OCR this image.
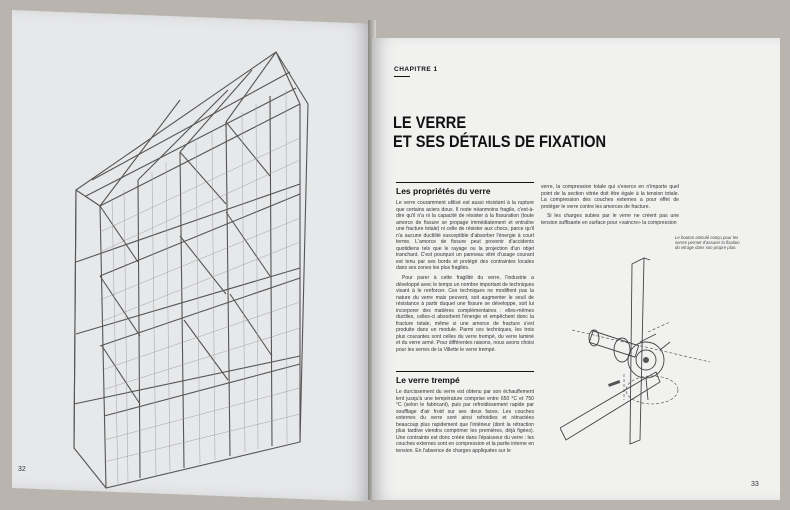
32
CHAPITRE 1
LE VERRE
ET SES DÉTAILS DE FIXATION
Les propriétés du verre

Le verre couramment utilisé est aussi résistant à la rupture que certains aciers doux. Il reste néanmoins fragile, c'est-à-dire qu'il n'a ni la capacité de résister à la fissuration (toute amorce de fissure se propage immédiatement et entraîne une fracture totale) ni celle de résister aux chocs, parce qu'il n'a aucune ductilité susceptible d'absorber l'énergie à court terme. L'amorce de fissure peut provenir d'accidents quotidiens tels que le rayage ou la projection d'un objet tranchant. C'est pourquoi un panneau vitré d'usage courant est tenu par ses bords et protégé des contraintes locales dans ses zones les plus fragiles.

Pour parer à cette fragilité du verre, l'industrie a développé avec le temps un nombre important de techniques visant à le renforcer. Ces techniques ne modifient pas la nature du verre mais peuvent, soit augmenter le seuil de résistance à partir duquel une fissure se développe, soit lui incorporer des matières complémentaires : elles-mêmes ductiles, celles-ci absorbent l'énergie et empêchent donc la fracture totale, même si une amorce de fracture s'est produite dans un module. Parmi ces techniques, les trois plus courantes sont celles du verre trempé, du verre laminé et du verre armé. Pour différentes raisons, nous avons choisi pour les serres de la Villette le verre trempé.

Le verre trempé

Le durcissement du verre est obtenu par son échauffement lent jusqu'à une température comprise entre 650 °C et 750 °C (selon le fabricant), puis par refroidissement rapide par soufflage d'air froid sur ses deux faces. Les couches externes du verre sont ainsi refroidies et rétractées beaucoup plus rapidement que l'intérieur (dont la rétraction plus tardive viendra comprimer les premières, déjà figées). Une contrainte est donc créée dans l'épaisseur du verre : les couches externes sont en compression et la partie interne en tension. En l'absence de charges appliquées sur le

verre, la compression totale qui s'exerce en n'importe quel point de la section vitrée doit être égale à la tension totale. La compression des couches externes a pour effet de protéger le verre contre les amorces de fracture.

Si les charges subies par le verre ne créent pas une tension suffisante en surface pour «vaincre» la compression

Le bouton articulé conçu pour les serres permet d'assurer la fixation du vitrage dans son propre plan.
33
